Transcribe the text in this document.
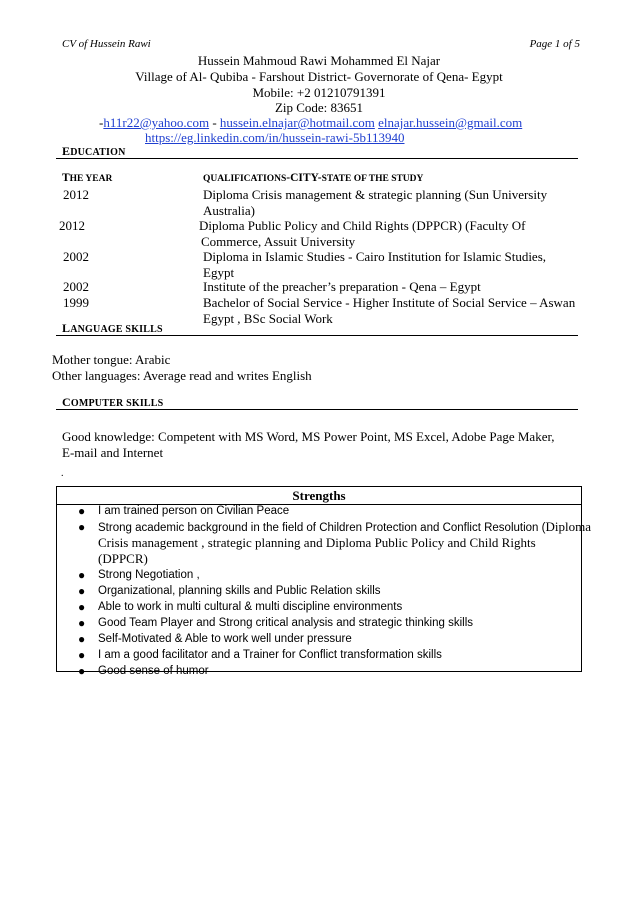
CV of Hussein Rawi	Page 1 of 5
Hussein Mahmoud Rawi Mohammed El Najar
Village of Al- Qubiba - Farshout District- Governorate of Qena- Egypt
Mobile: +2 01210791391
Zip Code: 83651
-h11r22@yahoo.com - hussein.elnajar@hotmail.com elnajar.hussein@gmail.com
https://eg.linkedin.com/in/hussein-rawi-5b113940
EDUCATION
THE YEAR	QUALIFICATIONS-CITY-STATE OF THE STUDY
2012	Diploma Crisis management & strategic planning (Sun University
Australia)
2012	Diploma Public Policy and Child Rights (DPPCR) (Faculty Of
Commerce, Assuit University
2002	Diploma in Islamic Studies - Cairo Institution for Islamic Studies,
Egypt
2002	Institute of the preacher’s preparation - Qena – Egypt
1999	Bachelor of Social Service - Higher Institute of Social Service – Aswan
Egypt , BSc Social Work
LANGUAGE SKILLS
Mother tongue: Arabic
Other languages: Average read and writes English
COMPUTER SKILLS
Good knowledge: Competent with MS Word, MS Power Point, MS Excel, Adobe Page Maker,
E-mail and Internet
.
Strengths
● I am trained person on Civilian Peace
● Strong academic background in the field of Children Protection and Conflict Resolution (Diploma
Crisis management , strategic planning and Diploma Public Policy and Child Rights
(DPPCR)
● Strong Negotiation ,
● Organizational, planning skills and Public Relation skills
● Able to work in multi cultural & multi discipline environments
● Good Team Player and Strong critical analysis and strategic thinking skills
● Self-Motivated & Able to work well under pressure
● I am a good facilitator and a Trainer for Conflict transformation skills
● Good sense of humor
